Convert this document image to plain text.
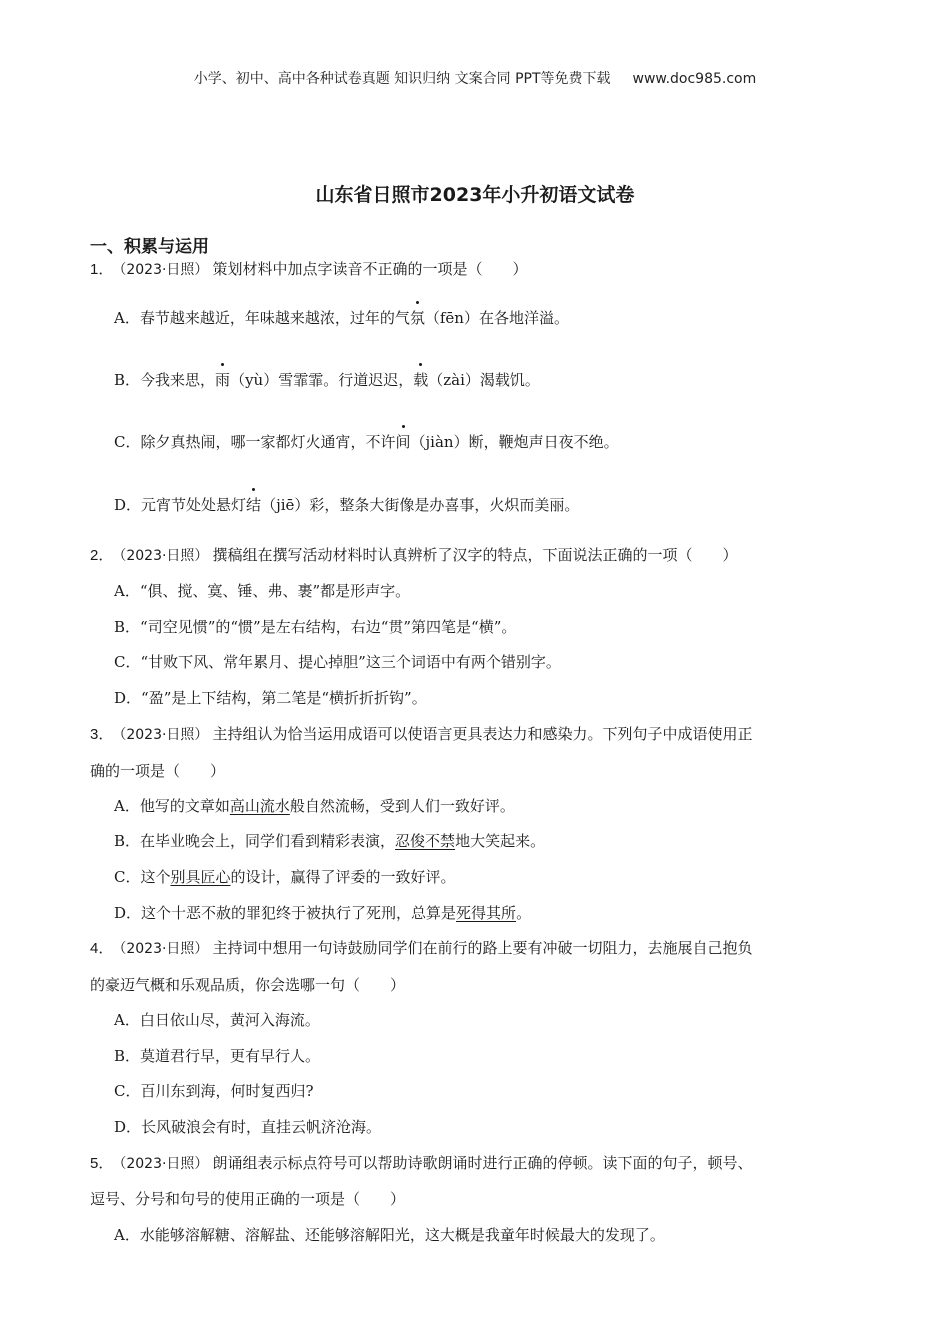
小学、初中、高中各种试卷真题 知识归纳 文案合同 PPT等免费下载 www.doc985.com
山东省日照市2023年小升初语文试卷
一、积累与运用
1． （2023·日照） 策划材料中加点字读音不正确的一项是（　　）
A．春节越来越近，年味越来越浓，过年的气氛（fēn）在各地洋溢。
B．今我来思，雨（yù）雪霏霏。行道迟迟，载（zài）渴载饥。
C．除夕真热闹，哪一家都灯火通宵，不许间（jiàn）断，鞭炮声日夜不绝。
D．元宵节处处悬灯结（jiē）彩，整条大街像是办喜事，火炽而美丽。
2． （2023·日照） 撰稿组在撰写活动材料时认真辨析了汉字的特点，下面说法正确的一项（　　）
A．“俱、搅、寞、锤、弗、裹”都是形声字。
B．“司空见惯”的“惯”是左右结构，右边“贯”第四笔是“横”。
C．“甘败下风、常年累月、提心掉胆”这三个词语中有两个错别字。
D．“盈”是上下结构，第二笔是“横折折折钩”。
3． （2023·日照） 主持组认为恰当运用成语可以使语言更具表达力和感染力。下列句子中成语使用正
确的一项是（　　）
A．他写的文章如高山流水般自然流畅，受到人们一致好评。
B．在毕业晚会上，同学们看到精彩表演，忍俊不禁地大笑起来。
C．这个别具匠心的设计，赢得了评委的一致好评。
D．这个十恶不赦的罪犯终于被执行了死刑，总算是死得其所。
4． （2023·日照） 主持词中想用一句诗鼓励同学们在前行的路上要有冲破一切阻力，去施展自己抱负
的豪迈气概和乐观品质，你会选哪一句（　　）
A．白日依山尽，黄河入海流。
B．莫道君行早，更有早行人。
C．百川东到海，何时复西归?
D．长风破浪会有时，直挂云帆济沧海。
5． （2023·日照） 朗诵组表示标点符号可以帮助诗歌朗诵时进行正确的停顿。读下面的句子，顿号、
逗号、分号和句号的使用正确的一项是（　　）
A．水能够溶解糖、溶解盐、还能够溶解阳光，这大概是我童年时候最大的发现了。
